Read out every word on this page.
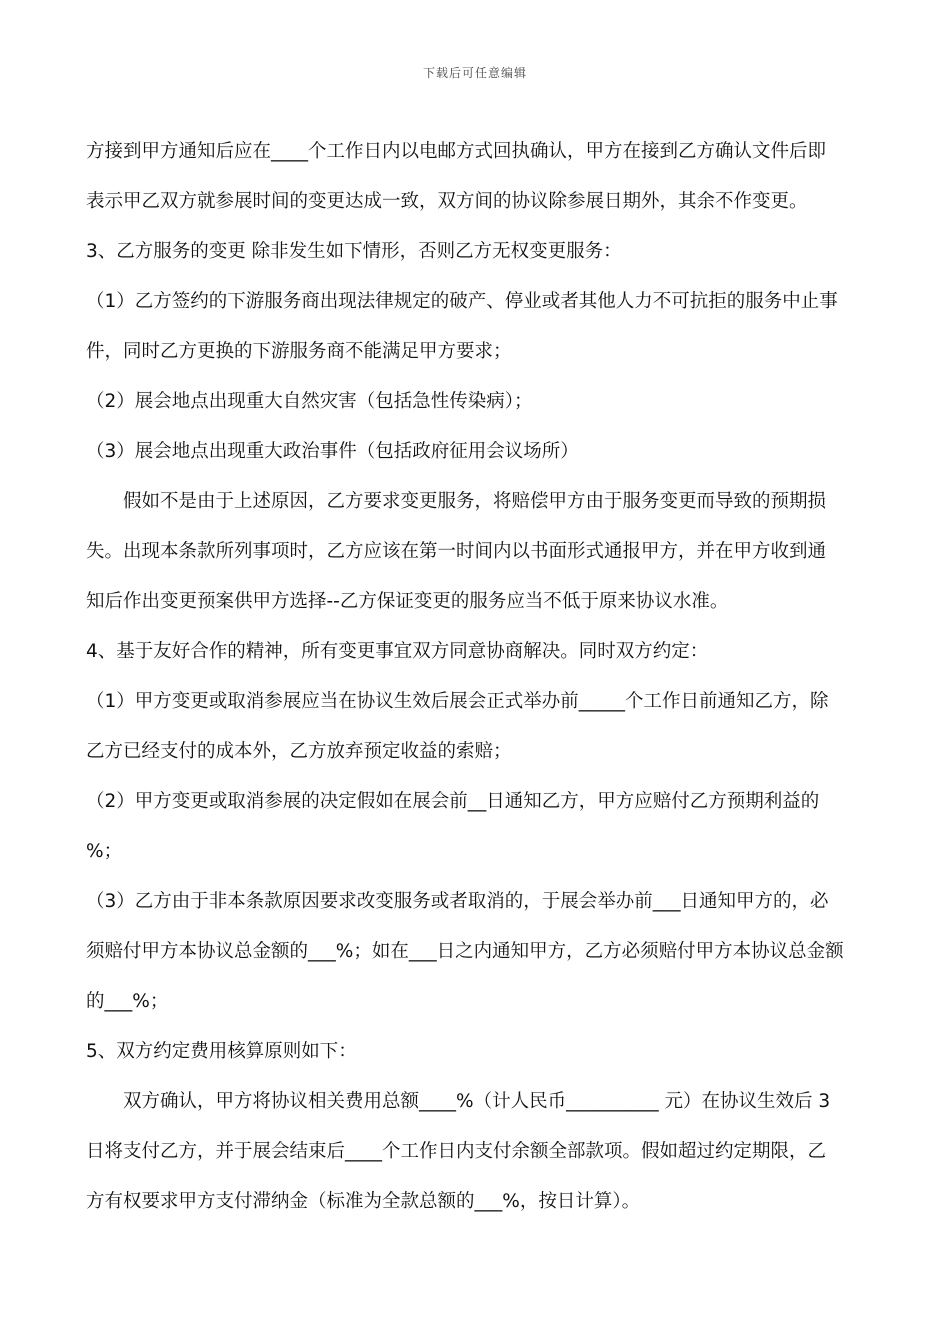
下载后可任意编辑
方接到甲方通知后应在____个工作日内以电邮方式回执确认，甲方在接到乙方确认文件后即
表示甲乙双方就参展时间的变更达成一致，双方间的协议除参展日期外，其余不作变更。
3、乙方服务的变更 除非发生如下情形，否则乙方无权变更服务：
（1）乙方签约的下游服务商出现法律规定的破产、停业或者其他人力不可抗拒的服务中止事
件，同时乙方更换的下游服务商不能满足甲方要求；
（2）展会地点出现重大自然灾害（包括急性传染病）；
（3）展会地点出现重大政治事件（包括政府征用会议场所）
　　假如不是由于上述原因，乙方要求变更服务，将赔偿甲方由于服务变更而导致的预期损
失。出现本条款所列事项时，乙方应该在第一时间内以书面形式通报甲方，并在甲方收到通
知后作出变更预案供甲方选择--乙方保证变更的服务应当不低于原来协议水准。
4、基于友好合作的精神，所有变更事宜双方同意协商解决。同时双方约定：
（1）甲方变更或取消参展应当在协议生效后展会正式举办前_____个工作日前通知乙方，除
乙方已经支付的成本外，乙方放弃预定收益的索赔；
（2）甲方变更或取消参展的决定假如在展会前__日通知乙方，甲方应赔付乙方预期利益的
%；
（3）乙方由于非本条款原因要求改变服务或者取消的，于展会举办前___日通知甲方的，必
须赔付甲方本协议总金额的___%；如在___日之内通知甲方，乙方必须赔付甲方本协议总金额
的___%；
5、双方约定费用核算原则如下：
　　双方确认，甲方将协议相关费用总额____%（计人民币__________ 元）在协议生效后 3
日将支付乙方，并于展会结束后____个工作日内支付余额全部款项。假如超过约定期限，乙
方有权要求甲方支付滞纳金（标准为全款总额的___%，按日计算）。
